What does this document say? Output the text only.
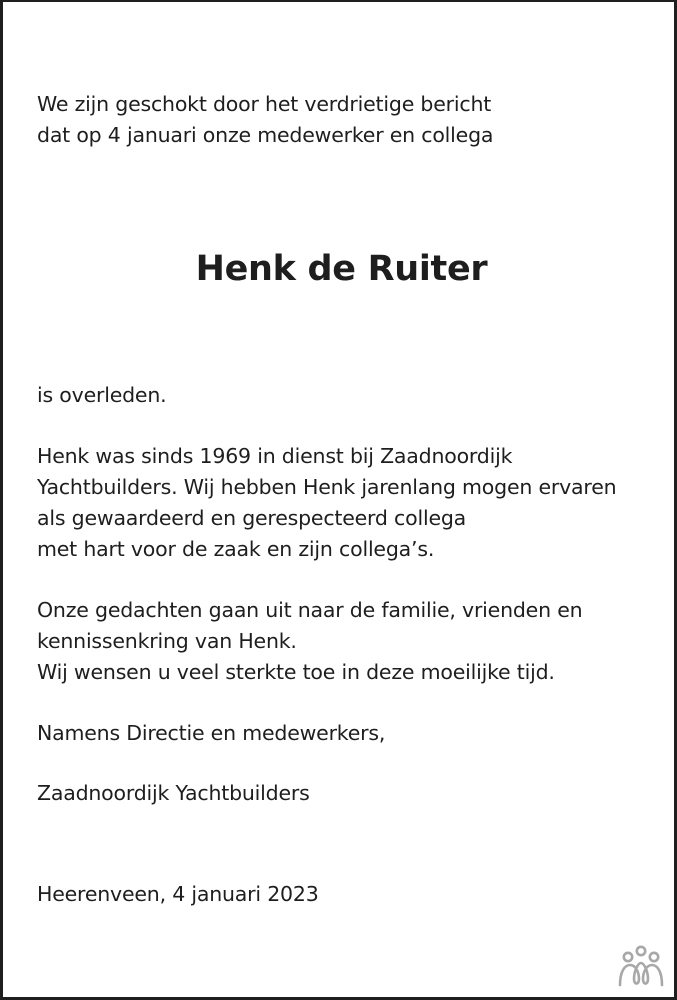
We zijn geschokt door het verdrietige bericht
dat op 4 januari onze medewerker en collega
Henk de Ruiter
is overleden.
Henk was sinds 1969 in dienst bij Zaadnoordijk
Yachtbuilders. Wij hebben Henk jarenlang mogen ervaren
als gewaardeerd en gerespecteerd collega
met hart voor de zaak en zijn collega’s.
Onze gedachten gaan uit naar de familie, vrienden en
kennissenkring van Henk.
Wij wensen u veel sterkte toe in deze moeilijke tijd.
Namens Directie en medewerkers,
Zaadnoordijk Yachtbuilders
Heerenveen, 4 januari 2023
